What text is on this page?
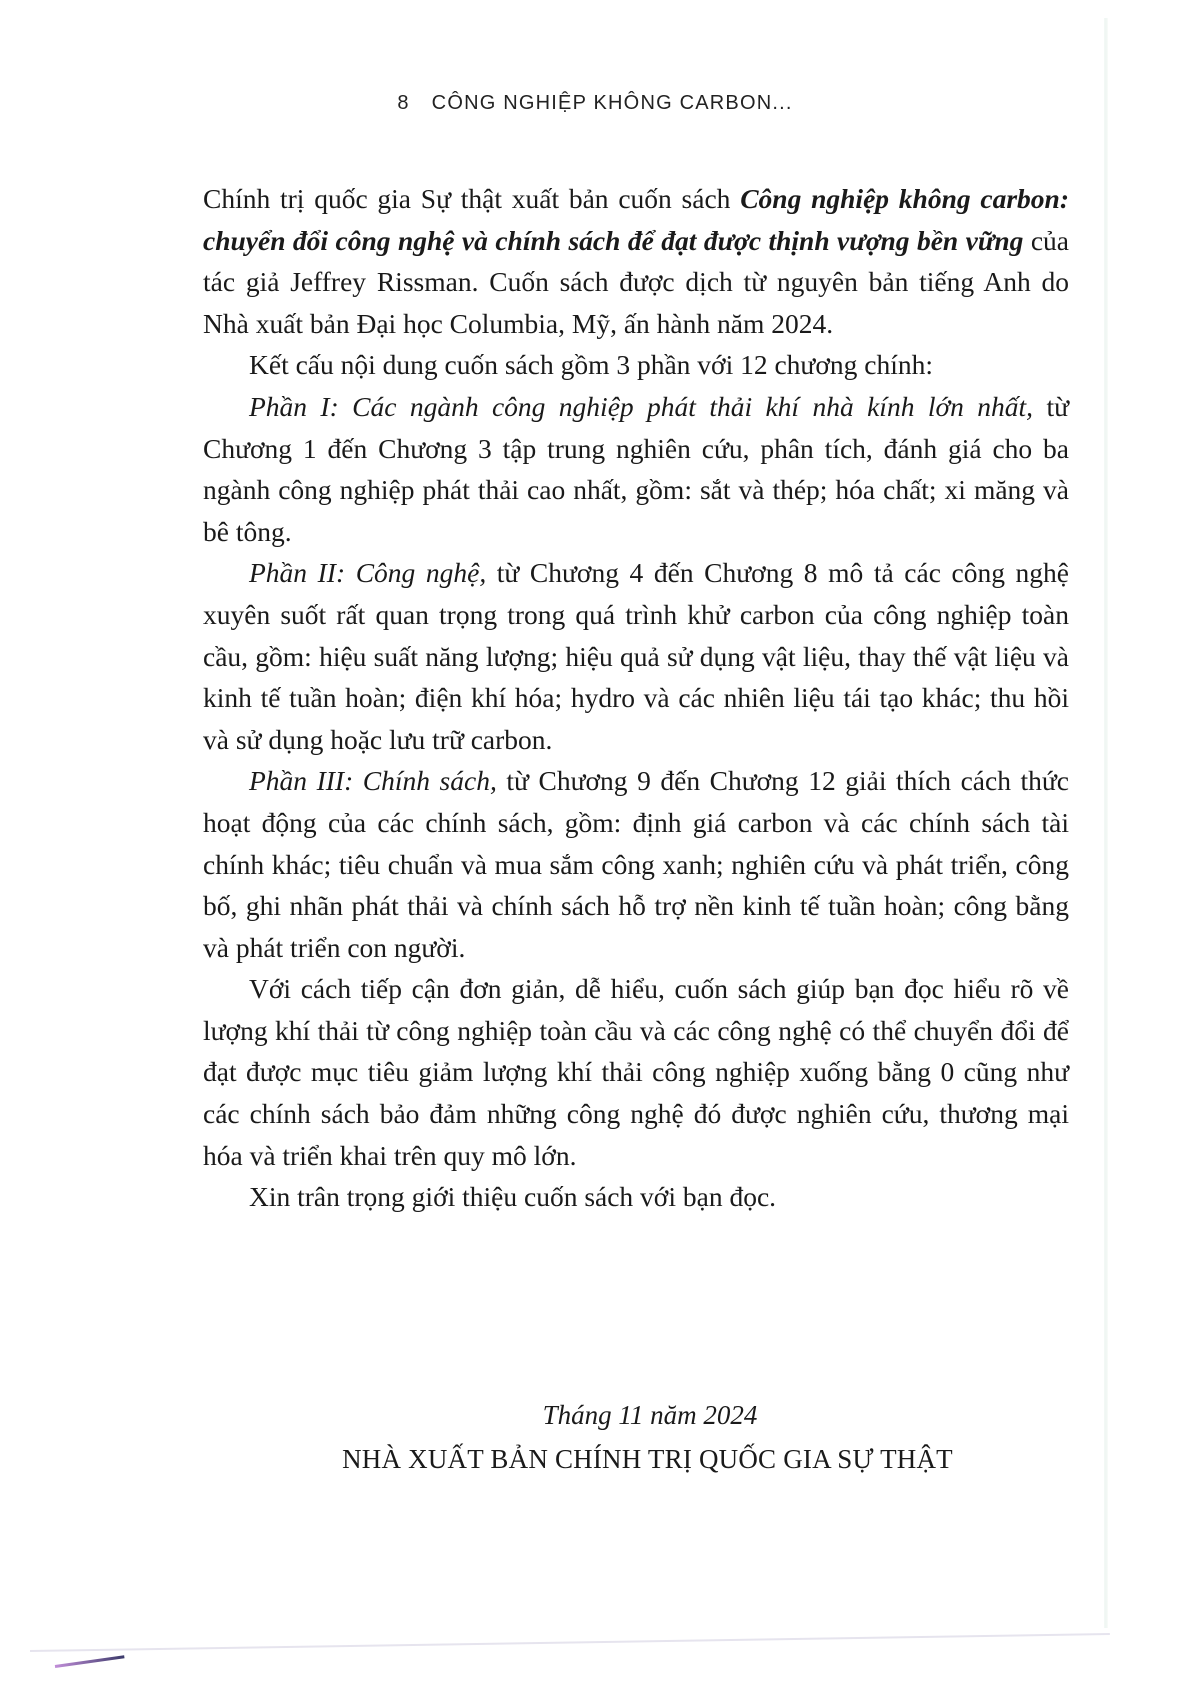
8 CÔNG NGHIỆP KHÔNG CARBON...

Chính trị quốc gia Sự thật xuất bản cuốn sách Công nghiệp không carbon: chuyển đổi công nghệ và chính sách để đạt được thịnh vượng bền vững của tác giả Jeffrey Rissman. Cuốn sách được dịch từ nguyên bản tiếng Anh do Nhà xuất bản Đại học Columbia, Mỹ, ấn hành năm 2024.

Kết cấu nội dung cuốn sách gồm 3 phần với 12 chương chính:

Phần I: Các ngành công nghiệp phát thải khí nhà kính lớn nhất, từ Chương 1 đến Chương 3 tập trung nghiên cứu, phân tích, đánh giá cho ba ngành công nghiệp phát thải cao nhất, gồm: sắt và thép; hóa chất; xi măng và bê tông.

Phần II: Công nghệ, từ Chương 4 đến Chương 8 mô tả các công nghệ xuyên suốt rất quan trọng trong quá trình khử carbon của công nghiệp toàn cầu, gồm: hiệu suất năng lượng; hiệu quả sử dụng vật liệu, thay thế vật liệu và kinh tế tuần hoàn; điện khí hóa; hydro và các nhiên liệu tái tạo khác; thu hồi và sử dụng hoặc lưu trữ carbon.

Phần III: Chính sách, từ Chương 9 đến Chương 12 giải thích cách thức hoạt động của các chính sách, gồm: định giá carbon và các chính sách tài chính khác; tiêu chuẩn và mua sắm công xanh; nghiên cứu và phát triển, công bố, ghi nhãn phát thải và chính sách hỗ trợ nền kinh tế tuần hoàn; công bằng và phát triển con người.

Với cách tiếp cận đơn giản, dễ hiểu, cuốn sách giúp bạn đọc hiểu rõ về lượng khí thải từ công nghiệp toàn cầu và các công nghệ có thể chuyển đổi để đạt được mục tiêu giảm lượng khí thải công nghiệp xuống bằng 0 cũng như các chính sách bảo đảm những công nghệ đó được nghiên cứu, thương mại hóa và triển khai trên quy mô lớn.

Xin trân trọng giới thiệu cuốn sách với bạn đọc.

Tháng 11 năm 2024
NHÀ XUẤT BẢN CHÍNH TRỊ QUỐC GIA SỰ THẬT
